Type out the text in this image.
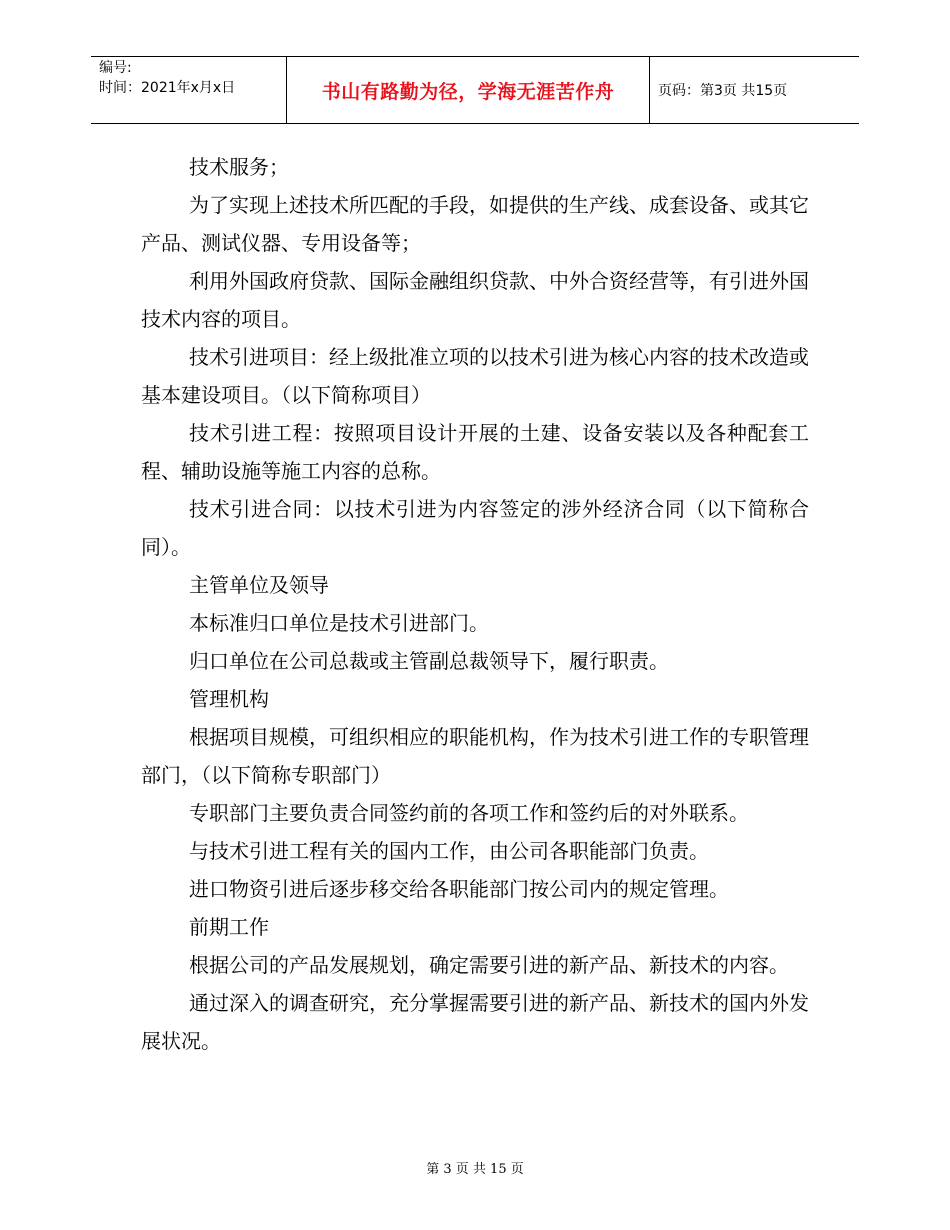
编号:
时间：2021年x月x日	书山有路勤为径，学海无涯苦作舟	页码：第3页 共15页

技术服务；

为了实现上述技术所匹配的手段，如提供的生产线、成套设备、或其它产品、测试仪器、专用设备等；

利用外国政府贷款、国际金融组织贷款、中外合资经营等，有引进外国技术内容的项目。

技术引进项目：经上级批准立项的以技术引进为核心内容的技术改造或基本建设项目。（以下简称项目）

技术引进工程：按照项目设计开展的土建、设备安装以及各种配套工程、辅助设施等施工内容的总称。

技术引进合同：以技术引进为内容签定的涉外经济合同（以下简称合同）。

主管单位及领导

本标准归口单位是技术引进部门。

归口单位在公司总裁或主管副总裁领导下，履行职责。

管理机构

根据项目规模，可组织相应的职能机构，作为技术引进工作的专职管理部门，（以下简称专职部门）

专职部门主要负责合同签约前的各项工作和签约后的对外联系。

与技术引进工程有关的国内工作，由公司各职能部门负责。

进口物资引进后逐步移交给各职能部门按公司内的规定管理。

前期工作

根据公司的产品发展规划，确定需要引进的新产品、新技术的内容。

通过深入的调查研究，充分掌握需要引进的新产品、新技术的国内外发展状况。

第 3 页 共 15 页
